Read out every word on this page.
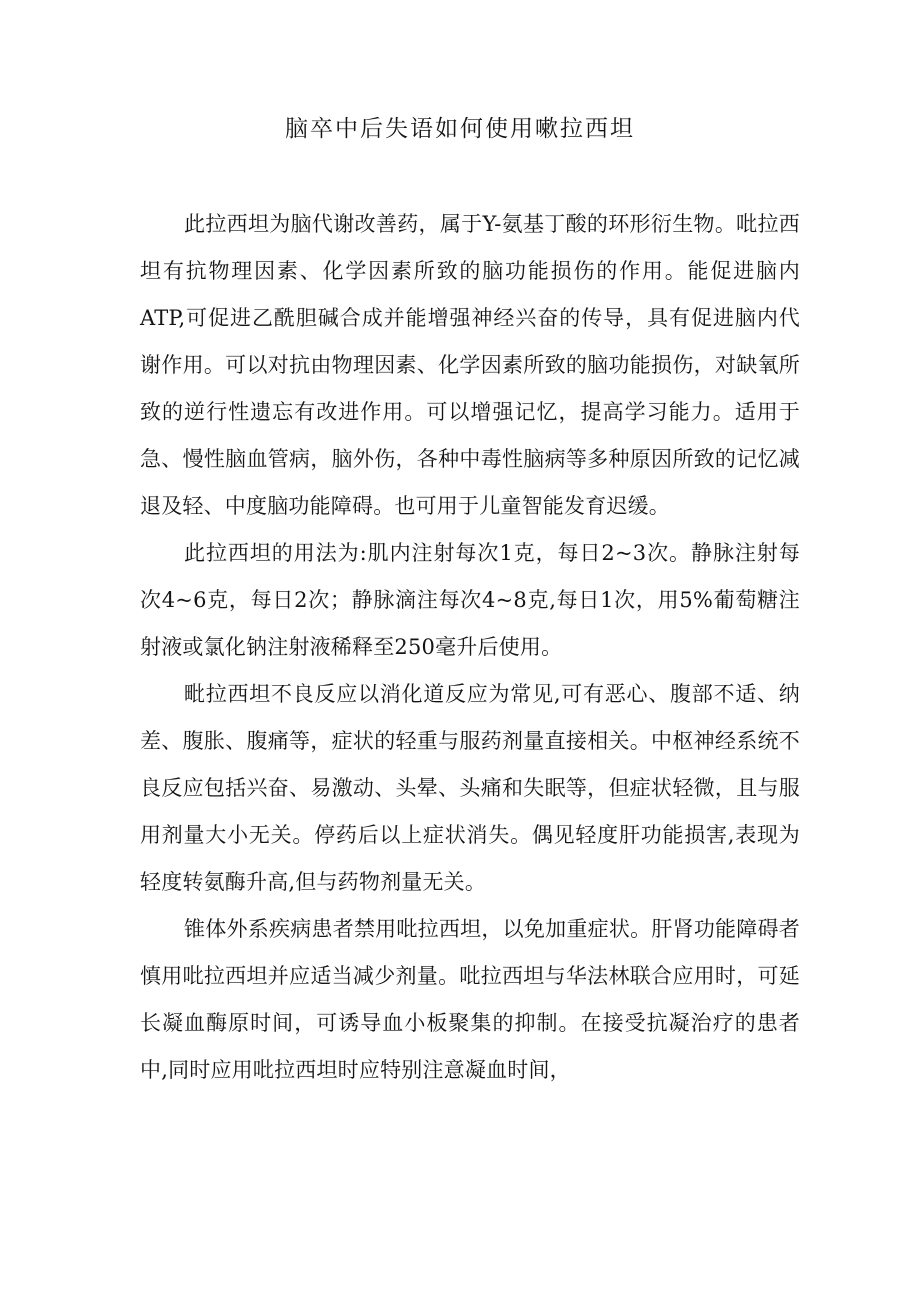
脑卒中后失语如何使用嗽拉西坦

此拉西坦为脑代谢改善药，属于Y-氨基丁酸的环形衍生物。吡拉西坦有抗物理因素、化学因素所致的脑功能损伤的作用。能促进脑内ATP,可促进乙酰胆碱合成并能增强神经兴奋的传导，具有促进脑内代谢作用。可以对抗由物理因素、化学因素所致的脑功能损伤，对缺氧所致的逆行性遗忘有改进作用。可以增强记忆，提高学习能力。适用于急、慢性脑血管病，脑外伤，各种中毒性脑病等多种原因所致的记忆减退及轻、中度脑功能障碍。也可用于儿童智能发育迟缓。

此拉西坦的用法为:肌内注射每次1克，每日2~3次。静脉注射每次4~6克，每日2次；静脉滴注每次4~8克,每日1次，用5%葡萄糖注射液或氯化钠注射液稀释至250毫升后使用。

毗拉西坦不良反应以消化道反应为常见,可有恶心、腹部不适、纳差、腹胀、腹痛等，症状的轻重与服药剂量直接相关。中枢神经系统不良反应包括兴奋、易激动、头晕、头痛和失眠等，但症状轻微，且与服用剂量大小无关。停药后以上症状消失。偶见轻度肝功能损害,表现为轻度转氨酶升高,但与药物剂量无关。

锥体外系疾病患者禁用吡拉西坦，以免加重症状。肝肾功能障碍者慎用吡拉西坦并应适当减少剂量。吡拉西坦与华法林联合应用时，可延长凝血酶原时间，可诱导血小板聚集的抑制。在接受抗凝治疗的患者中,同时应用吡拉西坦时应特别注意凝血时间，
